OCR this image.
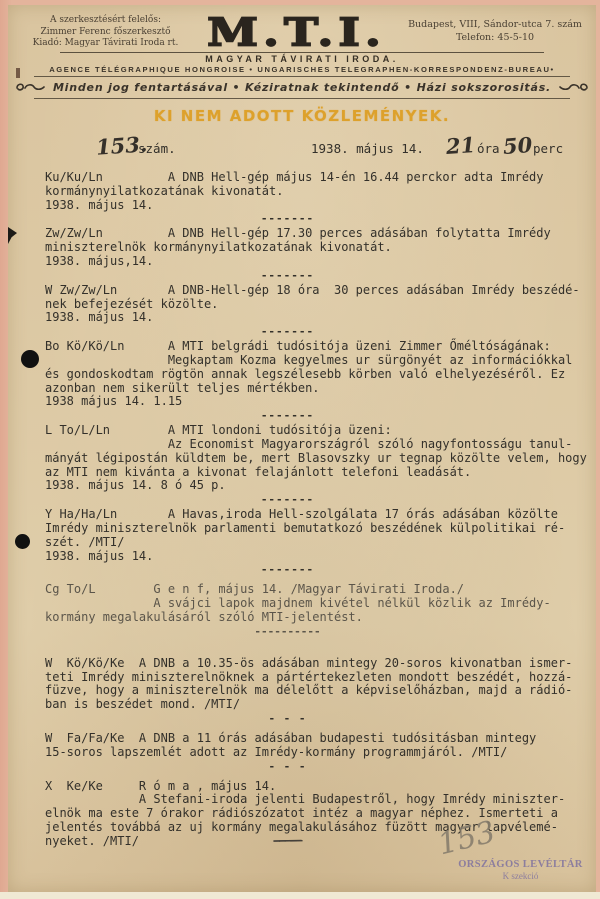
A szerkesztésért felelős:
Zimmer Ferenc főszerkesztő
Kiadó: Magyar Távirati Iroda rt. M.T.I.	Budapest, VIII, Sándor-utca 7. szám
Telefon: 45-5-10
MAGYAR TÁVIRATI IRODA.
AGENCE TÉLÉGRAPHIQUE HONGROISE • UNGARISCHES TELEGRAPHEN-KORRESPONDENZ-BUREAU•
Minden jog fentartásával • Kéziratnak tekintendő • Házi sokszorositás.
KI NEM ADOTT KÖZLEMÉNYEK.
153.
szám.	1938. május 14. 21 óra 50 perc
Ku/Ku/Ln         A DNB Hell-gép május 14-én 16.44 perckor adta Imrédy
kormánynyilatkozatának kivonatát.
1938. május 14.
-------
Zw/Zw/Ln         A DNB Hell-gép 17.30 perces adásában folytatta Imrédy
miniszterelnök kormánynyilatkozatának kivonatát.
1938. május,14.
-------
W Zw/Zw/Ln       A DNB-Hell-gép 18 óra  30 perces adásában Imrédy beszédé-
nek befejezését közölte.
1938. május 14.
-------
Bo Kö/Kö/Ln      A MTI belgrádi tudósitója üzeni Zimmer Őméltóságának:
Megkaptam Kozma kegyelmes ur sürgönyét az információkkal
és gondoskodtam rögtön annak legszélesebb körben való elhelyezéséről. Ez
azonban nem sikerült teljes mértékben.
1938 május 14. 1.15
-------
L To/L/Ln        A MTI londoni tudósitója üzeni:
Az Economist Magyarországról szóló nagyfontosságu tanul-
mányát légipostán küldtem be, mert Blasovszky ur tegnap közölte velem, hogy
az MTI nem kivánta a kivonat felajánlott telefoni leadását.
1938. május 14. 8 ó 45 p.
-------
Y Ha/Ha/Ln       A Havas,iroda Hell-szolgálata 17 órás adásában közölte
Imrédy miniszterelnök parlamenti bemutatkozó beszédének külpolitikai ré-
szét. /MTI/
1938. május 14.
-------
Cg To/L        G e n f, május 14. /Magyar Távirati Iroda./
A svájci lapok majdnem kivétel nélkül közlik az Imrédy-
kormány megalakulásáról szóló MTI-jelentést.
----------
W  Kö/Kö/Ke  A DNB a 10.35-ös adásában mintegy 20-soros kivonatban ismer-
teti Imrédy miniszterelnöknek a pártértekezleten mondott beszédét, hozzá-
füzve, hogy a miniszterelnök ma délelőtt a képviselőházban, majd a rádió-
ban is beszédet mond. /MTI/
- - -
W  Fa/Fa/Ke  A DNB a 11 órás adásában budapesti tudósitásban mintegy
15-soros lapszemlét adott az Imrédy-kormány programmjáról. /MTI/
- - -
X  Ke/Ke     R ó m a , május 14.
A Stefani-iroda jelenti Budapestről, hogy Imrédy miniszter-
elnök ma este 7 órakor rádiószózatot intéz a magyar néphez. Ismerteti a
jelentés továbbá az uj kormány megalakulásához füzött magyar lapvélemé-
nyeket. /MTI/	—————	153
ORSZÁGOS LEVÉLTÁR
K szekció
